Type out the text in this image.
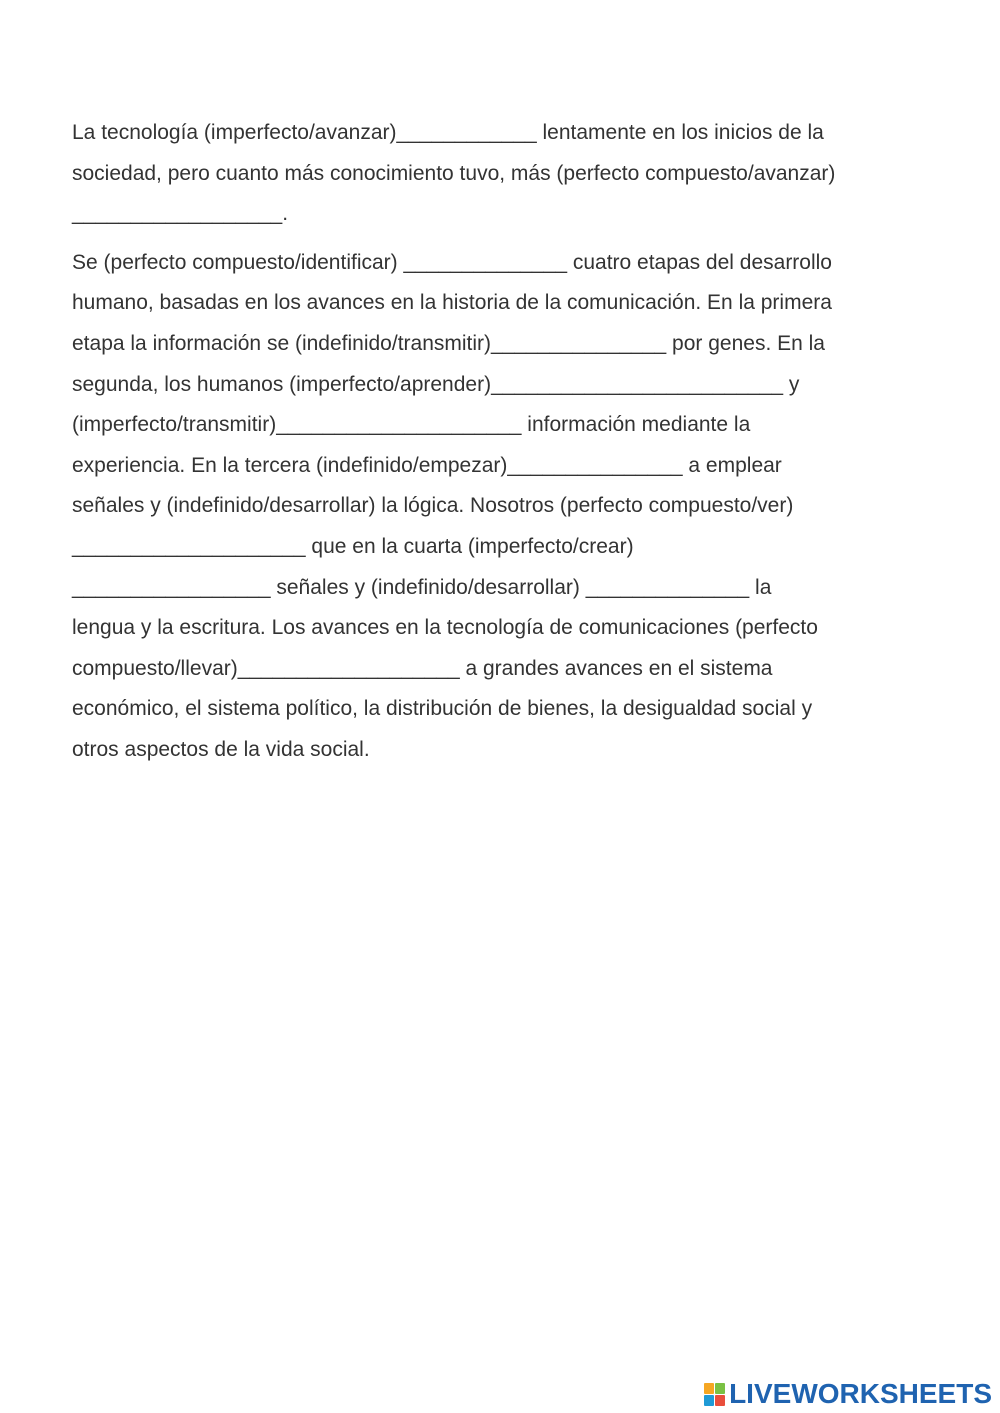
La tecnología (imperfecto/avanzar)____________ lentamente en los inicios de la
sociedad, pero cuanto más conocimiento tuvo, más (perfecto compuesto/avanzar)
__________________.

Se (perfecto compuesto/identificar) ______________ cuatro etapas del desarrollo
humano, basadas en los avances en la historia de la comunicación. En la primera
etapa la información se (indefinido/transmitir)_______________ por genes. En la
segunda, los humanos (imperfecto/aprender)_________________________ y
(imperfecto/transmitir)_____________________ información mediante la
experiencia. En la tercera (indefinido/empezar)_______________ a emplear
señales y (indefinido/desarrollar) la lógica. Nosotros (perfecto compuesto/ver)
____________________ que en la cuarta (imperfecto/crear)
_________________ señales y (indefinido/desarrollar) ______________ la
lengua y la escritura. Los avances en la tecnología de comunicaciones (perfecto
compuesto/llevar)___________________ a grandes avances en el sistema
económico, el sistema político, la distribución de bienes, la desigualdad social y
otros aspectos de la vida social.

LIVEWORKSHEETS
